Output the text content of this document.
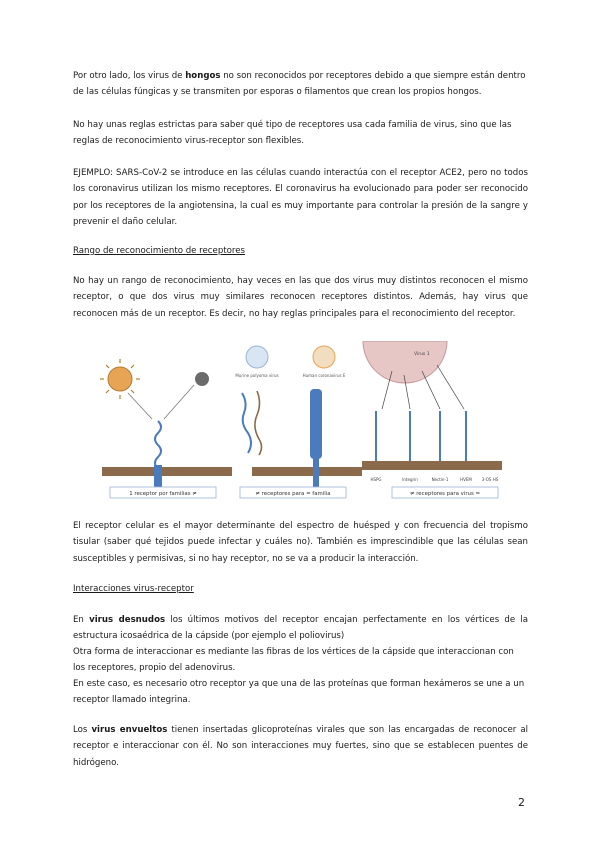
Por otro lado, los virus de hongos no son reconocidos por receptores debido a que siempre están dentro de las células fúngicas y se transmiten por esporas o filamentos que crean los propios hongos.

No hay unas reglas estrictas para saber qué tipo de receptores usa cada familia de virus, sino que las reglas de reconocimiento virus-receptor son flexibles.

EJEMPLO: SARS-CoV-2 se introduce en las células cuando interactúa con el receptor ACE2, pero no todos los coronavirus utilizan los mismo receptores. El coronavirus ha evolucionado para poder ser reconocido por los receptores de la angiotensina, la cual es muy importante para controlar la presión de la sangre y prevenir el daño celular.

Rango de reconocimiento de receptores

No hay un rango de reconocimiento, hay veces en las que dos virus muy distintos reconocen el mismo receptor, o que dos virus muy similares reconocen receptores distintos. Además, hay virus que reconocen más de un receptor. Es decir, no hay reglas principales para el reconocimiento del receptor.

Murine polyoma virus	Human coronavirus E
Virus 1
HSPG	Integrin	Nectin-1	HVEM 3-OS HS
1 receptor por familias ≠	≠ receptores para = familia	≠ receptores para virus =

El receptor celular es el mayor determinante del espectro de huésped y con frecuencia del tropismo tisular (saber qué tejidos puede infectar y cuáles no). También es imprescindible que las células sean susceptibles y permisivas, si no hay receptor, no se va a producir la interacción.

Interacciones virus-receptor

En virus desnudos los últimos motivos del receptor encajan perfectamente en los vértices de la estructura icosaédrica de la cápside (por ejemplo el poliovirus)

Otra forma de interaccionar es mediante las fibras de los vértices de la cápside que interaccionan con los receptores, propio del adenovirus.

En este caso, es necesario otro receptor ya que una de las proteínas que forman hexámeros se une a un receptor llamado integrina.

Los virus envueltos tienen insertadas glicoproteínas virales que son las encargadas de reconocer al receptor e interaccionar con él. No son interacciones muy fuertes, sino que se establecen puentes de hidrógeno.

2
